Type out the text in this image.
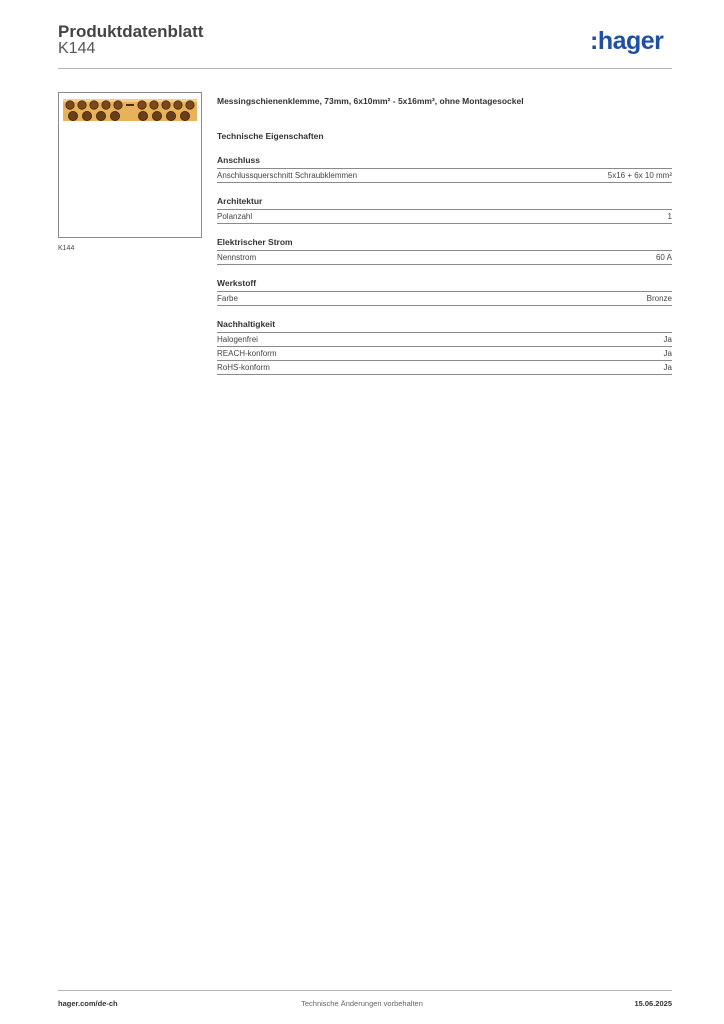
Produktdatenblatt
K144	:hager
K144

Messingschienenklemme, 73mm, 6x10mm² - 5x16mm², ohne Montagesockel

Technische Eigenschaften
Anschluss
Anschlussquerschnitt Schraubklemmen	5x16 + 6x 10 mm²
Architektur
Polanzahl	1
Elektrischer Strom
Nennstrom	60 A
Werkstoff
Farbe	Bronze
Nachhaltigkeit
Halogenfrei	Ja
REACH-konform	Ja
RoHS-konform	Ja
hager.com/de-ch	Technische Änderungen vorbehalten	15.06.2025
